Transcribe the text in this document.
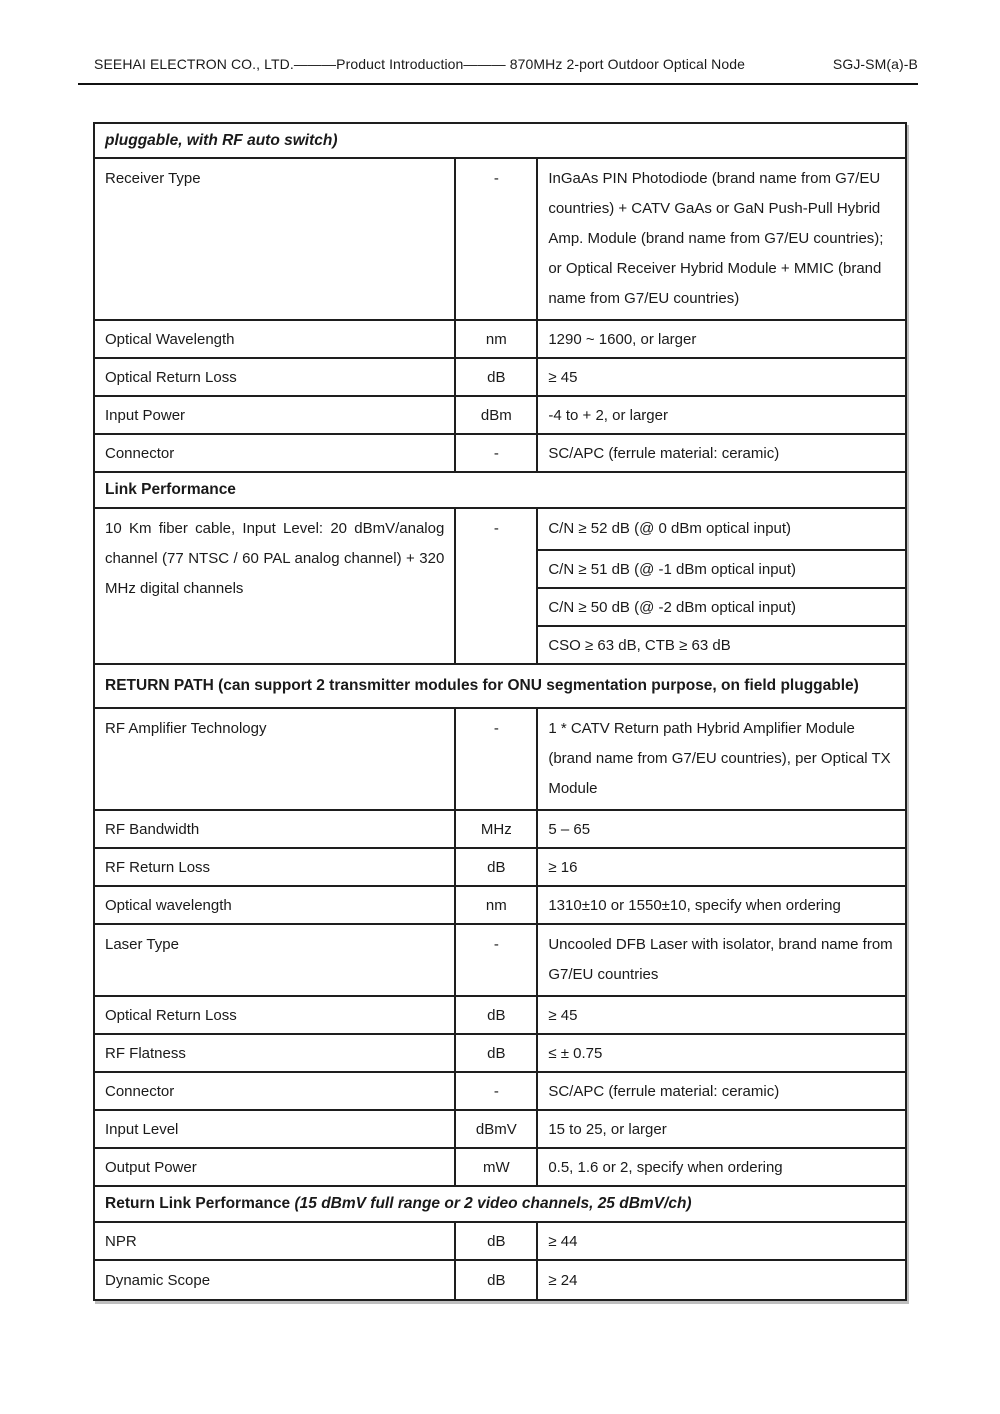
SEEHAI ELECTRON CO., LTD.———Product Introduction——— 870MHz 2-port Outdoor Optical Node	SGJ-SM(a)-B
pluggable, with RF auto switch)		
Receiver Type	-	InGaAs PIN Photodiode (brand name from G7/EU countries) + CATV GaAs or GaN Push-Pull Hybrid Amp. Module (brand name from G7/EU countries); or Optical Receiver Hybrid Module + MMIC (brand name from G7/EU countries)
Optical Wavelength	nm	1290 ~ 1600, or larger
Optical Return Loss	dB	≥ 45
Input Power	dBm	-4 to + 2, or larger
Connector	-	SC/APC (ferrule material: ceramic)
Link Performance		
10 Km fiber cable, Input Level: 20 dBmV/analog channel (77 NTSC / 60 PAL analog channel) + 320 MHz digital channels	-	C/N ≥ 52 dB (@ 0 dBm optical input)
		C/N ≥ 51 dB (@ -1 dBm optical input)
		C/N ≥ 50 dB (@ -2 dBm optical input)
		CSO ≥ 63 dB, CTB ≥ 63 dB
RETURN PATH (can support 2 transmitter modules for ONU segmentation purpose, on field pluggable)		
RF Amplifier Technology	-	1 * CATV Return path Hybrid Amplifier Module (brand name from G7/EU countries), per Optical TX Module
RF Bandwidth	MHz	5 – 65
RF Return Loss	dB	≥ 16
Optical wavelength	nm	1310±10 or 1550±10, specify when ordering
Laser Type	-	Uncooled DFB Laser with isolator, brand name from G7/EU countries
Optical Return Loss	dB	≥ 45
RF Flatness	dB	≤ ± 0.75
Connector	-	SC/APC (ferrule material: ceramic)
Input Level	dBmV	15 to 25, or larger
Output Power	mW	0.5, 1.6 or 2, specify when ordering
Return Link Performance (15 dBmV full range or 2 video channels, 25 dBmV/ch)		
NPR	dB	≥ 44
Dynamic Scope	dB	≥ 24
